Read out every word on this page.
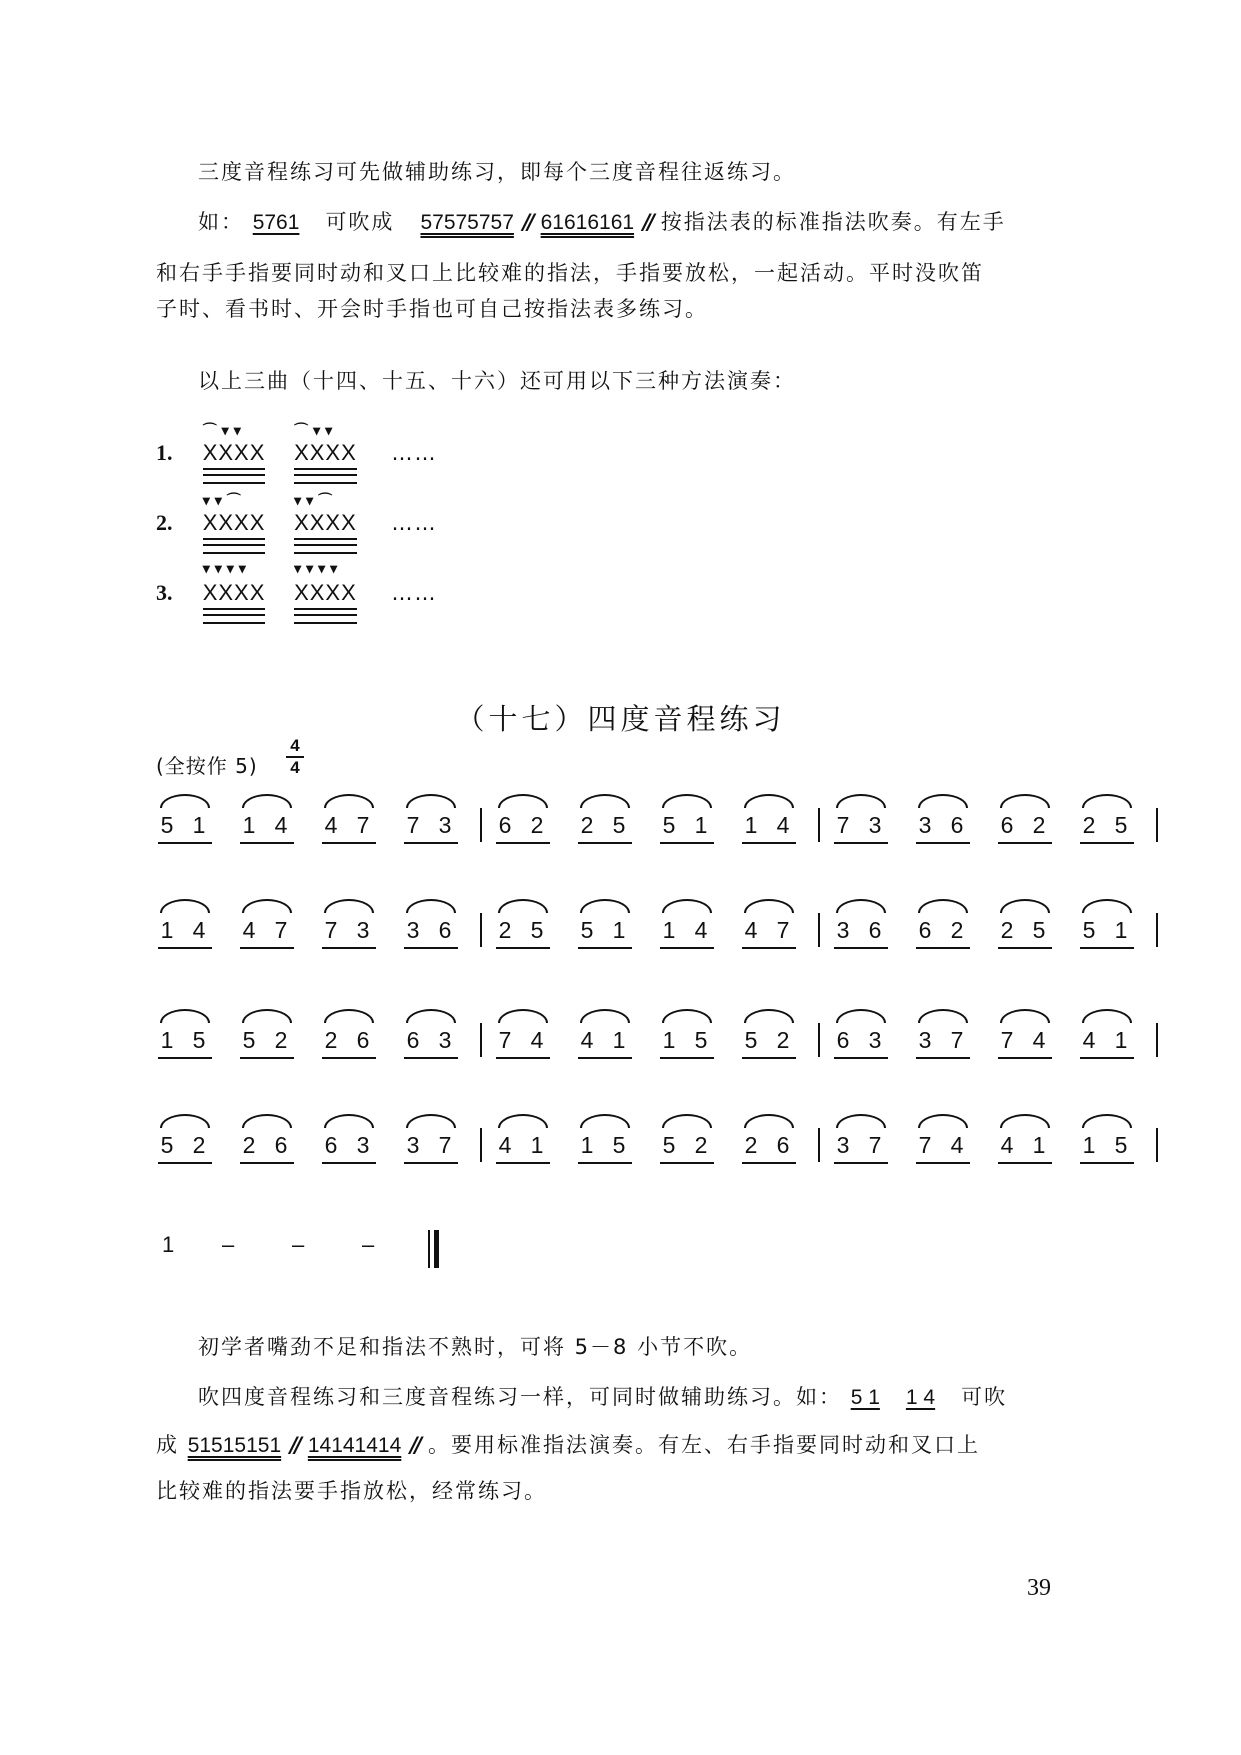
三度音程练习可先做辅助练习，即每个三度音程往返练习。
如： 5761 可吹成 57575757 // 61616161 // 按指法表的标准指法吹奏。有左手
和右手手指要同时动和叉口上比较难的指法，手指要放松，一起活动。平时没吹笛
子时、看书时、开会时手指也可自己按指法表多练习。
以上三曲（十四、十五、十六）还可用以下三种方法演奏：
1.
⌒▾▾
XXXX

⌒▾▾
XXXX ……
2.
▾▾⌒
XXXX

▾▾⌒
XXXX ……
3.
▾▾▾▾
XXXX

▾▾▾▾
XXXX ……
（十七）四度音程练习
(全按作 5)
4
4
5 1 1 4 4 7 7 3 6 2 2 5 5 1 1 4 7 3 3 6 6 2 2 5
1 4 4 7 7 3 3 6 2 5 5 1 1 4 4 7 3 6 6 2 2 5 5 1
1 5 5 2 2 6 6 3 7 4 4 1 1 5 5 2 6 3 3 7 7 4 4 1
5 2 2 6 6 3 3 7 4 1 1 5 5 2 2 6 3 7 7 4 4 1 1 5
1 –	–	–
初学者嘴劲不足和指法不熟时，可将 5－8 小节不吹。
吹四度音程练习和三度音程练习一样，可同时做辅助练习。如： 5 1 1 4 可吹
成 51515151 // 14141414 // 。要用标准指法演奏。有左、右手指要同时动和叉口上
比较难的指法要手指放松，经常练习。
39
